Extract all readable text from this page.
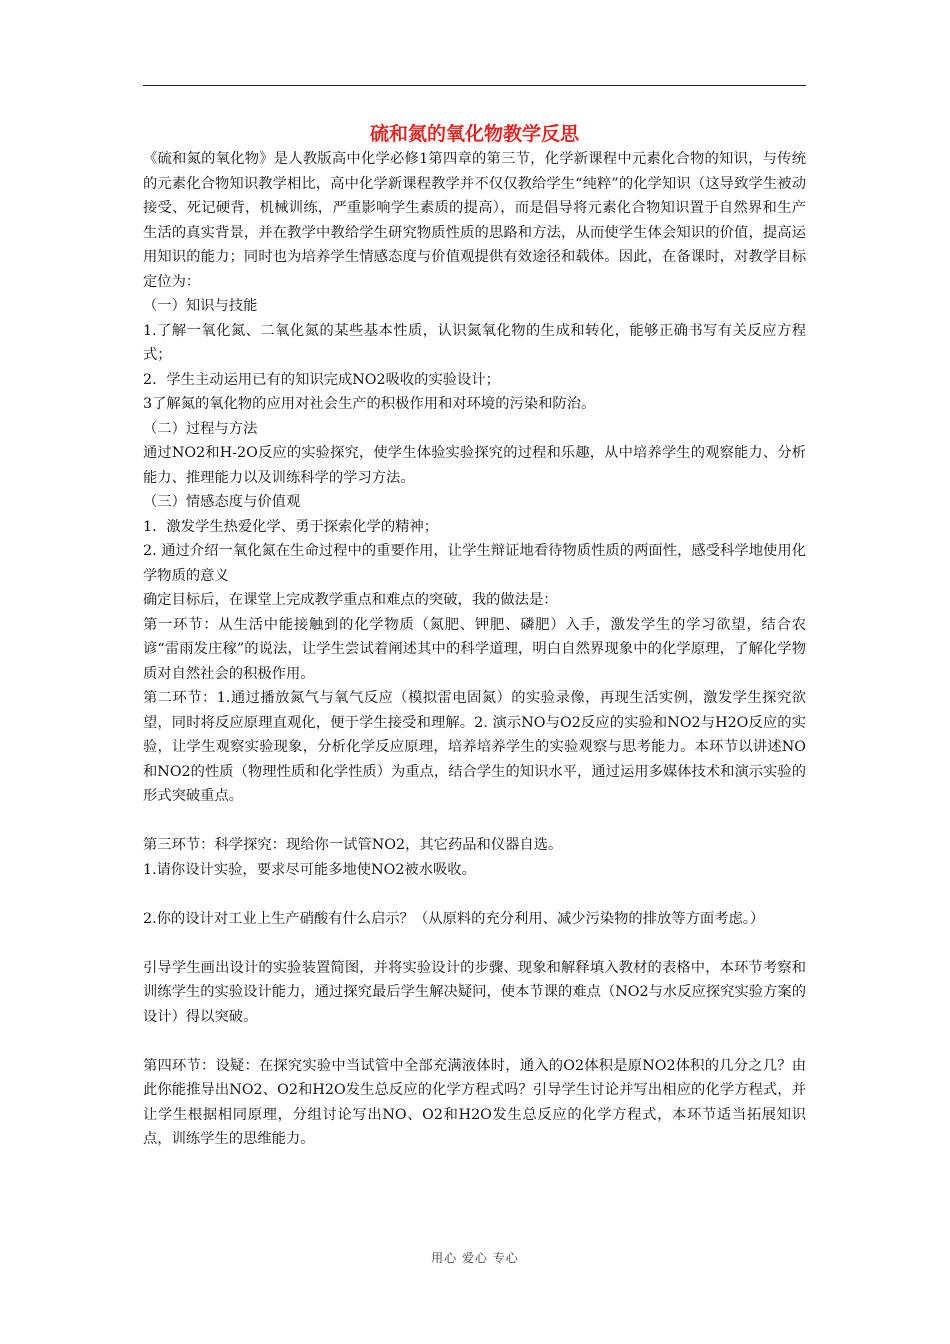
硫和氮的氧化物教学反思

《硫和氮的氧化物》是人教版高中化学必修1第四章的第三节，化学新课程中元素化合物的知识，与传统的元素化合物知识教学相比，高中化学新课程教学并不仅仅教给学生“纯粹”的化学知识（这导致学生被动接受、死记硬背，机械训练，严重影响学生素质的提高），而是倡导将元素化合物知识置于自然界和生产生活的真实背景，并在教学中教给学生研究物质性质的思路和方法，从而使学生体会知识的价值，提高运用知识的能力；同时也为培养学生情感态度与价值观提供有效途径和载体。因此，在备课时，对教学目标定位为：

（一）知识与技能

1.了解一氧化氮、二氧化氮的某些基本性质，认识氮氧化物的生成和转化，能够正确书写有关反应方程式；

2．学生主动运用已有的知识完成NO2吸收的实验设计；

3了解氮的氧化物的应用对社会生产的积极作用和对环境的污染和防治。

（二）过程与方法

通过NO2和H-2O反应的实验探究，使学生体验实验探究的过程和乐趣，从中培养学生的观察能力、分析能力、推理能力以及训练科学的学习方法。

（三）情感态度与价值观

1．激发学生热爱化学、勇于探索化学的精神；

2. 通过介绍一氧化氮在生命过程中的重要作用，让学生辩证地看待物质性质的两面性，感受科学地使用化学物质的意义

确定目标后，在课堂上完成教学重点和难点的突破，我的做法是：

第一环节：从生活中能接触到的化学物质（氮肥、钾肥、磷肥）入手，激发学生的学习欲望，结合农谚“雷雨发庄稼”的说法，让学生尝试着阐述其中的科学道理，明白自然界现象中的化学原理，了解化学物质对自然社会的积极作用。

第二环节：1.通过播放氮气与氧气反应（模拟雷电固氮）的实验录像，再现生活实例，激发学生探究欲望，同时将反应原理直观化，便于学生接受和理解。2. 演示NO与O2反应的实验和NO2与H2O反应的实验，让学生观察实验现象，分析化学反应原理，培养培养学生的实验观察与思考能力。本环节以讲述NO和NO2的性质（物理性质和化学性质）为重点，结合学生的知识水平，通过运用多媒体技术和演示实验的形式突破重点。

第三环节：科学探究：现给你一试管NO2，其它药品和仪器自选。

1.请你设计实验，要求尽可能多地使NO2被水吸收。

2.你的设计对工业上生产硝酸有什么启示？（从原料的充分利用、减少污染物的排放等方面考虑。）

引导学生画出设计的实验装置简图，并将实验设计的步骤、现象和解释填入教材的表格中，本环节考察和训练学生的实验设计能力，通过探究最后学生解决疑问，使本节课的难点（NO2与水反应探究实验方案的设计）得以突破。

第四环节：设疑：在探究实验中当试管中全部充满液体时，通入的O2体积是原NO2体积的几分之几？由此你能推导出NO2、O2和H2O发生总反应的化学方程式吗？引导学生讨论并写出相应的化学方程式，并让学生根据相同原理，分组讨论写出NO、O2和H2O发生总反应的化学方程式，本环节适当拓展知识点，训练学生的思维能力。

用心 爱心 专心
